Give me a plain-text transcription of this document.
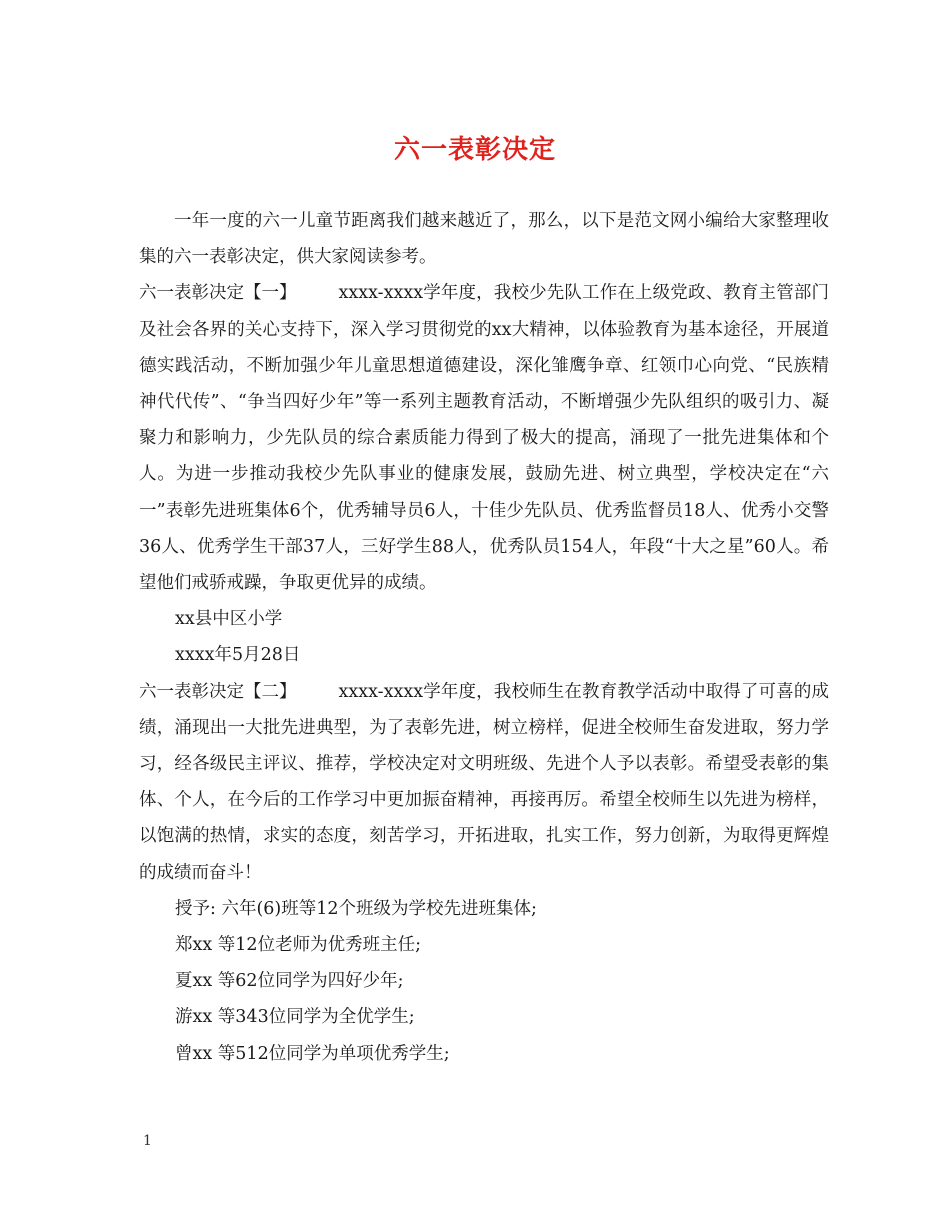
六一表彰决定

一年一度的六一儿童节距离我们越来越近了，那么，以下是范文网小编给大家整理收集的六一表彰决定，供大家阅读参考。

六一表彰决定【一】 xxxx-xxxx学年度，我校少先队工作在上级党政、教育主管部门及社会各界的关心支持下，深入学习贯彻党的xx大精神，以体验教育为基本途径，开展道德实践活动，不断加强少年儿童思想道德建设，深化雏鹰争章、红领巾心向党、“民族精神代代传”、“争当四好少年”等一系列主题教育活动，不断增强少先队组织的吸引力、凝聚力和影响力，少先队员的综合素质能力得到了极大的提高，涌现了一批先进集体和个人。为进一步推动我校少先队事业的健康发展，鼓励先进、树立典型，学校决定在“六一”表彰先进班集体6个，优秀辅导员6人，十佳少先队员、优秀监督员18人、优秀小交警36人、优秀学生干部37人，三好学生88人，优秀队员154人，年段“十大之星”60人。希望他们戒骄戒躁，争取更优异的成绩。

xx县中区小学

xxxx年5月28日

六一表彰决定【二】 xxxx-xxxx学年度，我校师生在教育教学活动中取得了可喜的成绩，涌现出一大批先进典型，为了表彰先进，树立榜样，促进全校师生奋发进取，努力学习，经各级民主评议、推荐，学校决定对文明班级、先进个人予以表彰。希望受表彰的集体、个人，在今后的工作学习中更加振奋精神，再接再厉。希望全校师生以先进为榜样，以饱满的热情，求实的态度，刻苦学习，开拓进取，扎实工作，努力创新，为取得更辉煌的成绩而奋斗！

授予: 六年(6)班等12个班级为学校先进班集体;

郑xx 等12位老师为优秀班主任;

夏xx 等62位同学为四好少年;

游xx 等343位同学为全优学生;

曾xx 等512位同学为单项优秀学生;

1
